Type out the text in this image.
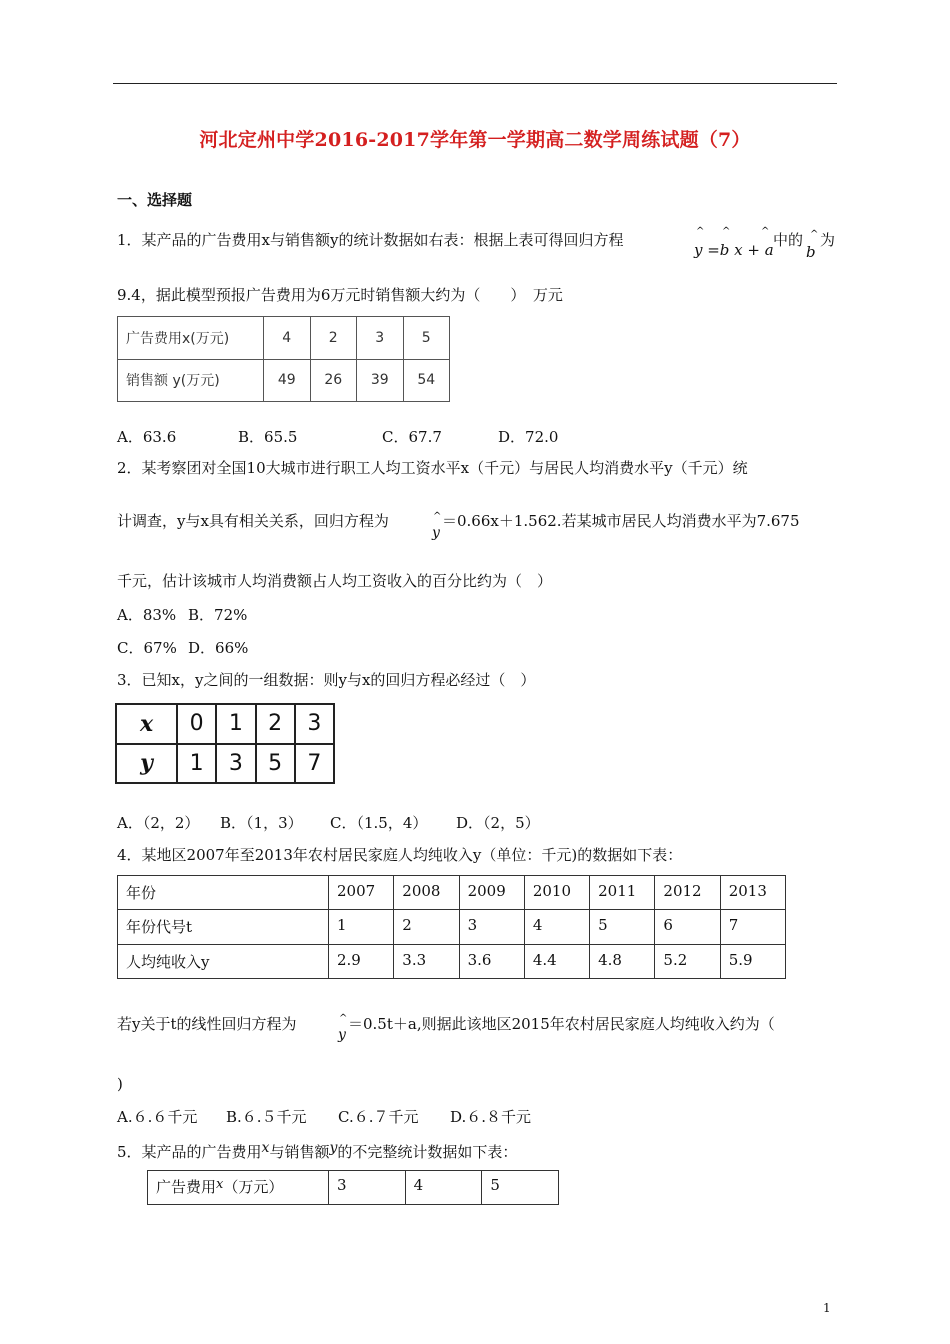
河北定州中学2016-2017学年第一学期高二数学周练试题（7）
一、选择题
1．某产品的广告费用x与销售额y的统计数据如右表：根据上表可得回归方程	^ ^	^
y =b x + a
中的 ^
b
为
9.4，据此模型预报广告费用为6万元时销售额大约为（　　）　万元
广告费用x(万元)	4	2	3	5
销售额 y(万元)	49	26	39	54
A．63.6	B．65.5	C．67.7	D．72.0
2．某考察团对全国10大城市进行职工人均工资水平x（千元）与居民人均消费水平y（千元）统
计调查，y与x具有相关关系，回归方程为	^
y
＝0.66x＋1.562.若某城市居民人均消费水平为7.675
千元，估计该城市人均消费额占人均工资收入的百分比约为（　）
A．83% B．72%
C．67% D．66%
3．已知x，y之间的一组数据：则y与x的回归方程必经过（　）
x	0	1	2	3
y	1	3	5	7
A．（2，2） B．（1，3） C．（1.5，4） D．（2，5）
4．某地区2007年至2013年农村居民家庭人均纯收入y（单位：千元)的数据如下表：
年份	2007	2008	2009	2010	2011	2012	2013
年份代号t	1	2	3	4	5	6	7
人均纯收入y	2.9	3.3	3.6	4.4	4.8	5.2	5.9
若y关于t的线性回归方程为	^
y
＝0.5t＋a,则据此该地区2015年农村居民家庭人均纯收入约为（
)
A.６.６千元 B.６.５千元 C.６.７千元 D.６.８千元
5．某产品的广告费用x与销售额y的不完整统计数据如下表：
广告费用x（万元）	3	4	5
1
